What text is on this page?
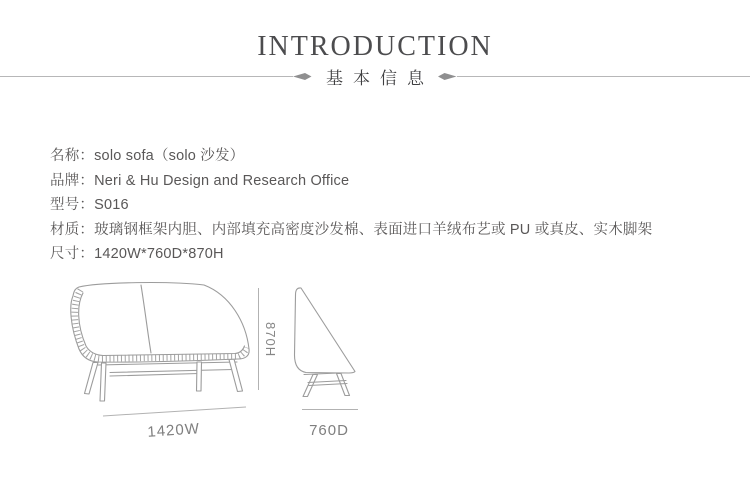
INTRODUCTION
基本信息
名称：solo sofa（solo 沙发）
品牌：Neri & Hu Design and Research Office
型号：S016
材质：玻璃钢框架内胆、内部填充高密度沙发棉、表面进口羊绒布艺或 PU 或真皮、实木脚架
尺寸：1420W*760D*870H
870H
1420W	760D
